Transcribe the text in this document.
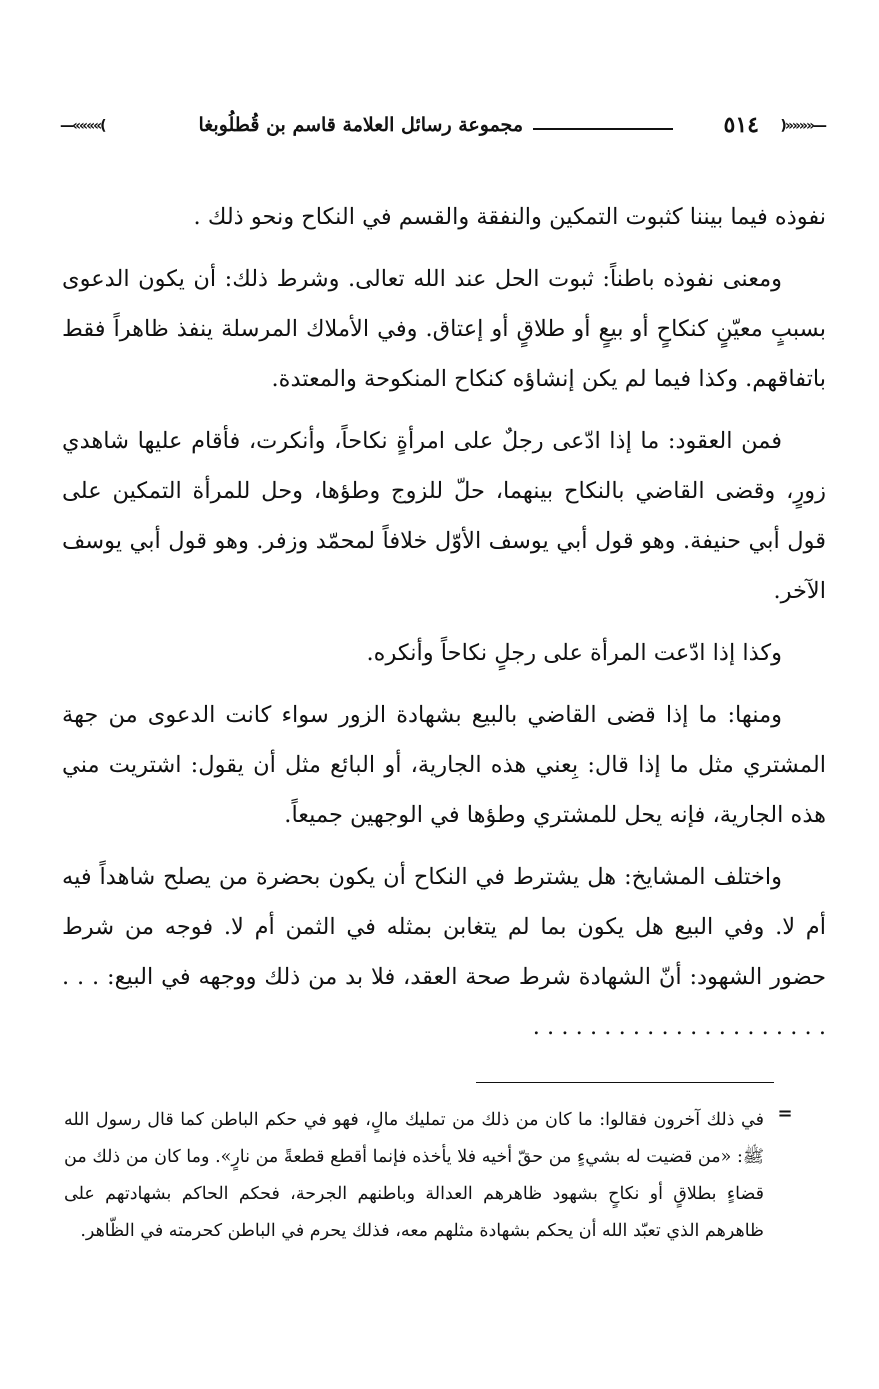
—««««(
٥١٤
مجموعة رسائل العلامة قاسم بن قُطلُوبغا
)»»»»—

نفوذه فيما بيننا كثبوت التمكين والنفقة والقسم في النكاح ونحو ذلك .

ومعنى نفوذه باطناً: ثبوت الحل عند الله تعالى. وشرط ذلك: أن يكون الدعوى بسببٍ معيّنٍ كنكاحٍ أو بيعٍ أو طلاقٍ أو إعتاق. وفي الأملاك المرسلة ينفذ ظاهراً فقط باتفاقهم. وكذا فيما لم يكن إنشاؤه كنكاح المنكوحة والمعتدة.

فمن العقود: ما إذا ادّعى رجلٌ على امرأةٍ نكاحاً، وأنكرت، فأقام عليها شاهدي زورٍ، وقضى القاضي بالنكاح بينهما، حلّ للزوج وطؤها، وحل للمرأة التمكين على قول أبي حنيفة. وهو قول أبي يوسف الأوّل خلافاً لمحمّد وزفر. وهو قول أبي يوسف الآخر.

وكذا إذا ادّعت المرأة على رجلٍ نكاحاً وأنكره.

ومنها: ما إذا قضى القاضي بالبيع بشهادة الزور سواء كانت الدعوى من جهة المشتري مثل ما إذا قال: بِعني هذه الجارية، أو البائع مثل أن يقول: اشتريت مني هذه الجارية، فإنه يحل للمشتري وطؤها في الوجهين جميعاً.

واختلف المشايخ: هل يشترط في النكاح أن يكون بحضرة من يصلح شاهداً فيه أم لا. وفي البيع هل يكون بما لم يتغابن بمثله في الثمن أم لا. فوجه من شرط حضور الشهود: أنّ الشهادة شرط صحة العقد، فلا بد من ذلك ووجهه في البيع: . . . . . . . . . . . . . . . . . . . . . . . .

=
في ذلك آخرون فقالوا: ما كان من ذلك من تمليك مالٍ، فهو في حكم الباطن كما قال رسول الله ﷺ: «من قضيت له بشيءٍ من حقّ أخيه فلا يأخذه فإنما أقطع قطعةً من نارٍ». وما كان من ذلك من قضاءٍ بطلاقٍ أو نكاحٍ بشهود ظاهرهم العدالة وباطنهم الجرحة، فحكم الحاكم بشهادتهم على ظاهرهم الذي تعبّد الله أن يحكم بشهادة مثلهم معه، فذلك يحرم في الباطن كحرمته في الظّاهر.
